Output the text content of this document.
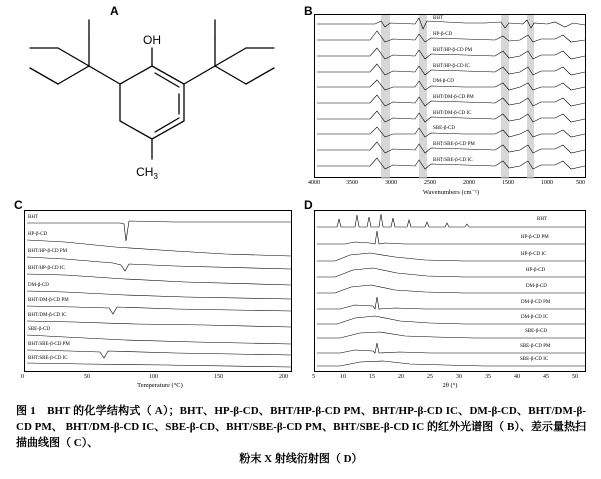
A
OH
$CH_3$
B
BHT
HP-β-CD
BHT/HP-β-CD PM
BHT/HP-β-CD IC
DM-β-CD
BHT/DM-β-CD PM
BHT/DM-β-CD IC
SBE-β-CD
BHT/SBE-β-CD PM
BHT/SBE-β-CD IC
4000	3500	3000	2500	2000	1500	1000	500
Wavenumbers (cm⁻¹)
C
BHT
HP-β-CD
BHT/HP-β-CD PM
BHT/HP-β-CD IC
DM-β-CD
BHT/DM-β-CD PM
BHT/DM-β-CD IC
SBE-β-CD
BHT/SBE-β-CD PM
BHT/SBE-β-CD IC
0	50	100	150	200
Temperature (°C)
D
BHT
HP-β-CD PM
HP-β-CD IC
HP-β-CD
DM-β-CD
DM-β-CD PM
DM-β-CD IC
SBE-β-CD
SBE-β-CD PM
SBE-β-CD IC
5	10	15	20	25	30	35	40	45	50
2θ (°)
图 1　BHT 的化学结构式（ A）；BHT、HP-β-CD、BHT/HP-β-CD PM、BHT/HP-β-CD IC、DM-β-CD、BHT/DM-β-CD PM、 BHT/DM-β-CD IC、SBE-β-CD、BHT/SBE-β-CD PM、BHT/SBE-β-CD IC 的红外光谱图（ B）、差示量热扫描曲线图（ C）、
粉末 X 射线衍射图（ D）
